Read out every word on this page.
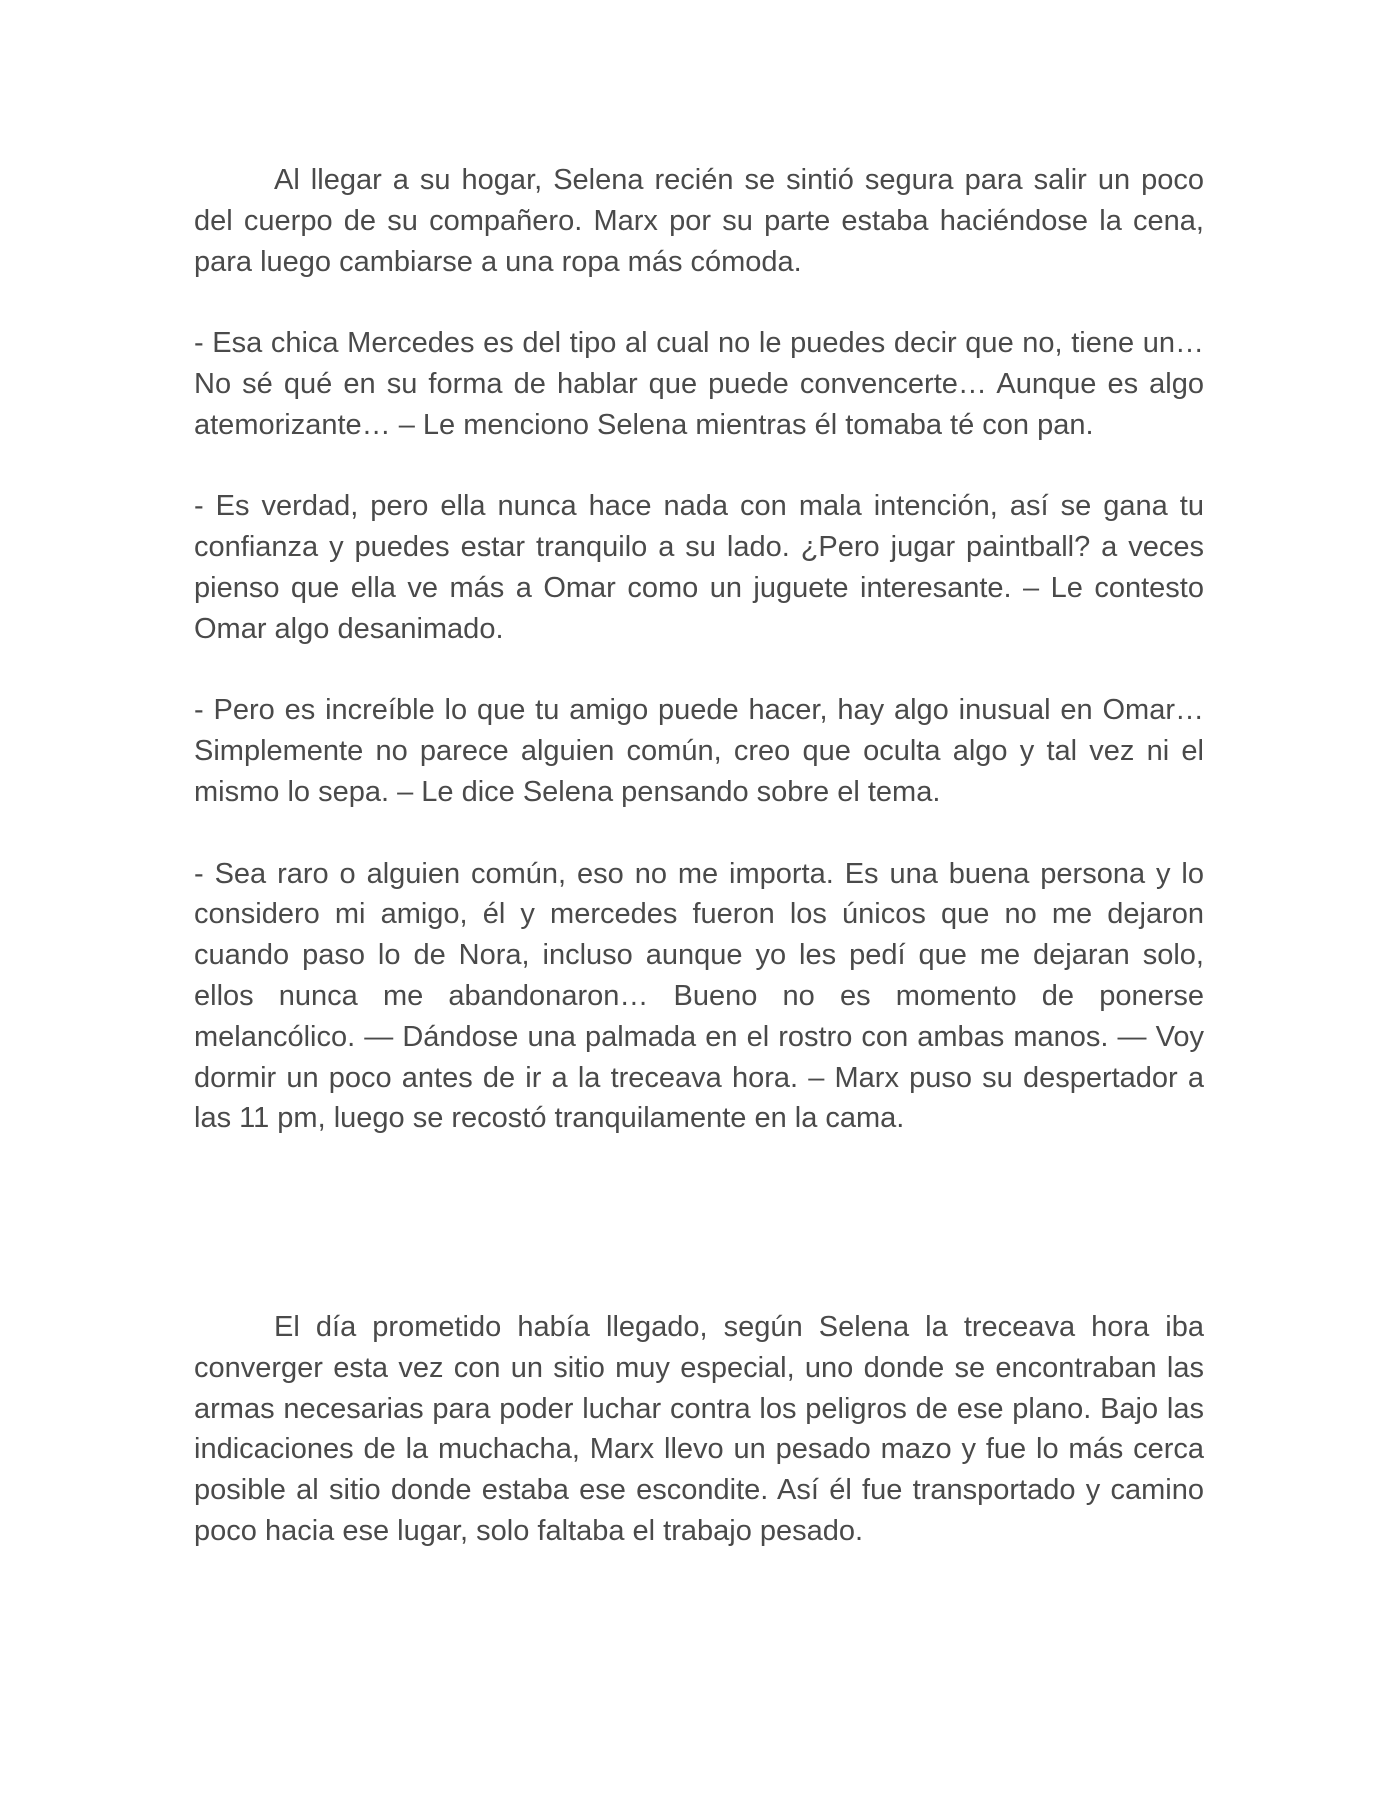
Al llegar a su hogar, Selena recién se sintió segura para salir un poco del cuerpo de su compañero. Marx por su parte estaba haciéndose la cena, para luego cambiarse a una ropa más cómoda.

- Esa chica Mercedes es del tipo al cual no le puedes decir que no, tiene un… No sé qué en su forma de hablar que puede convencerte… Aunque es algo atemorizante… – Le menciono Selena mientras él tomaba té con pan.

- Es verdad, pero ella nunca hace nada con mala intención, así se gana tu confianza y puedes estar tranquilo a su lado. ¿Pero jugar paintball? a veces pienso que ella ve más a Omar como un juguete interesante. – Le contesto Omar algo desanimado.

- Pero es increíble lo que tu amigo puede hacer, hay algo inusual en Omar… Simplemente no parece alguien común, creo que oculta algo y tal vez ni el mismo lo sepa. – Le dice Selena pensando sobre el tema.

- Sea raro o alguien común, eso no me importa. Es una buena persona y lo considero mi amigo, él y mercedes fueron los únicos que no me dejaron cuando paso lo de Nora, incluso aunque yo les pedí que me dejaran solo, ellos nunca me abandonaron… Bueno no es momento de ponerse melancólico. — Dándose una palmada en el rostro con ambas manos. — Voy dormir un poco antes de ir a la treceava hora. – Marx puso su despertador a las 11 pm, luego se recostó tranquilamente en la cama.

El día prometido había llegado, según Selena la treceava hora iba converger esta vez con un sitio muy especial, uno donde se encontraban las armas necesarias para poder luchar contra los peligros de ese plano. Bajo las indicaciones de la muchacha, Marx llevo un pesado mazo y fue lo más cerca posible al sitio donde estaba ese escondite. Así él fue transportado y camino poco hacia ese lugar, solo faltaba el trabajo pesado.
